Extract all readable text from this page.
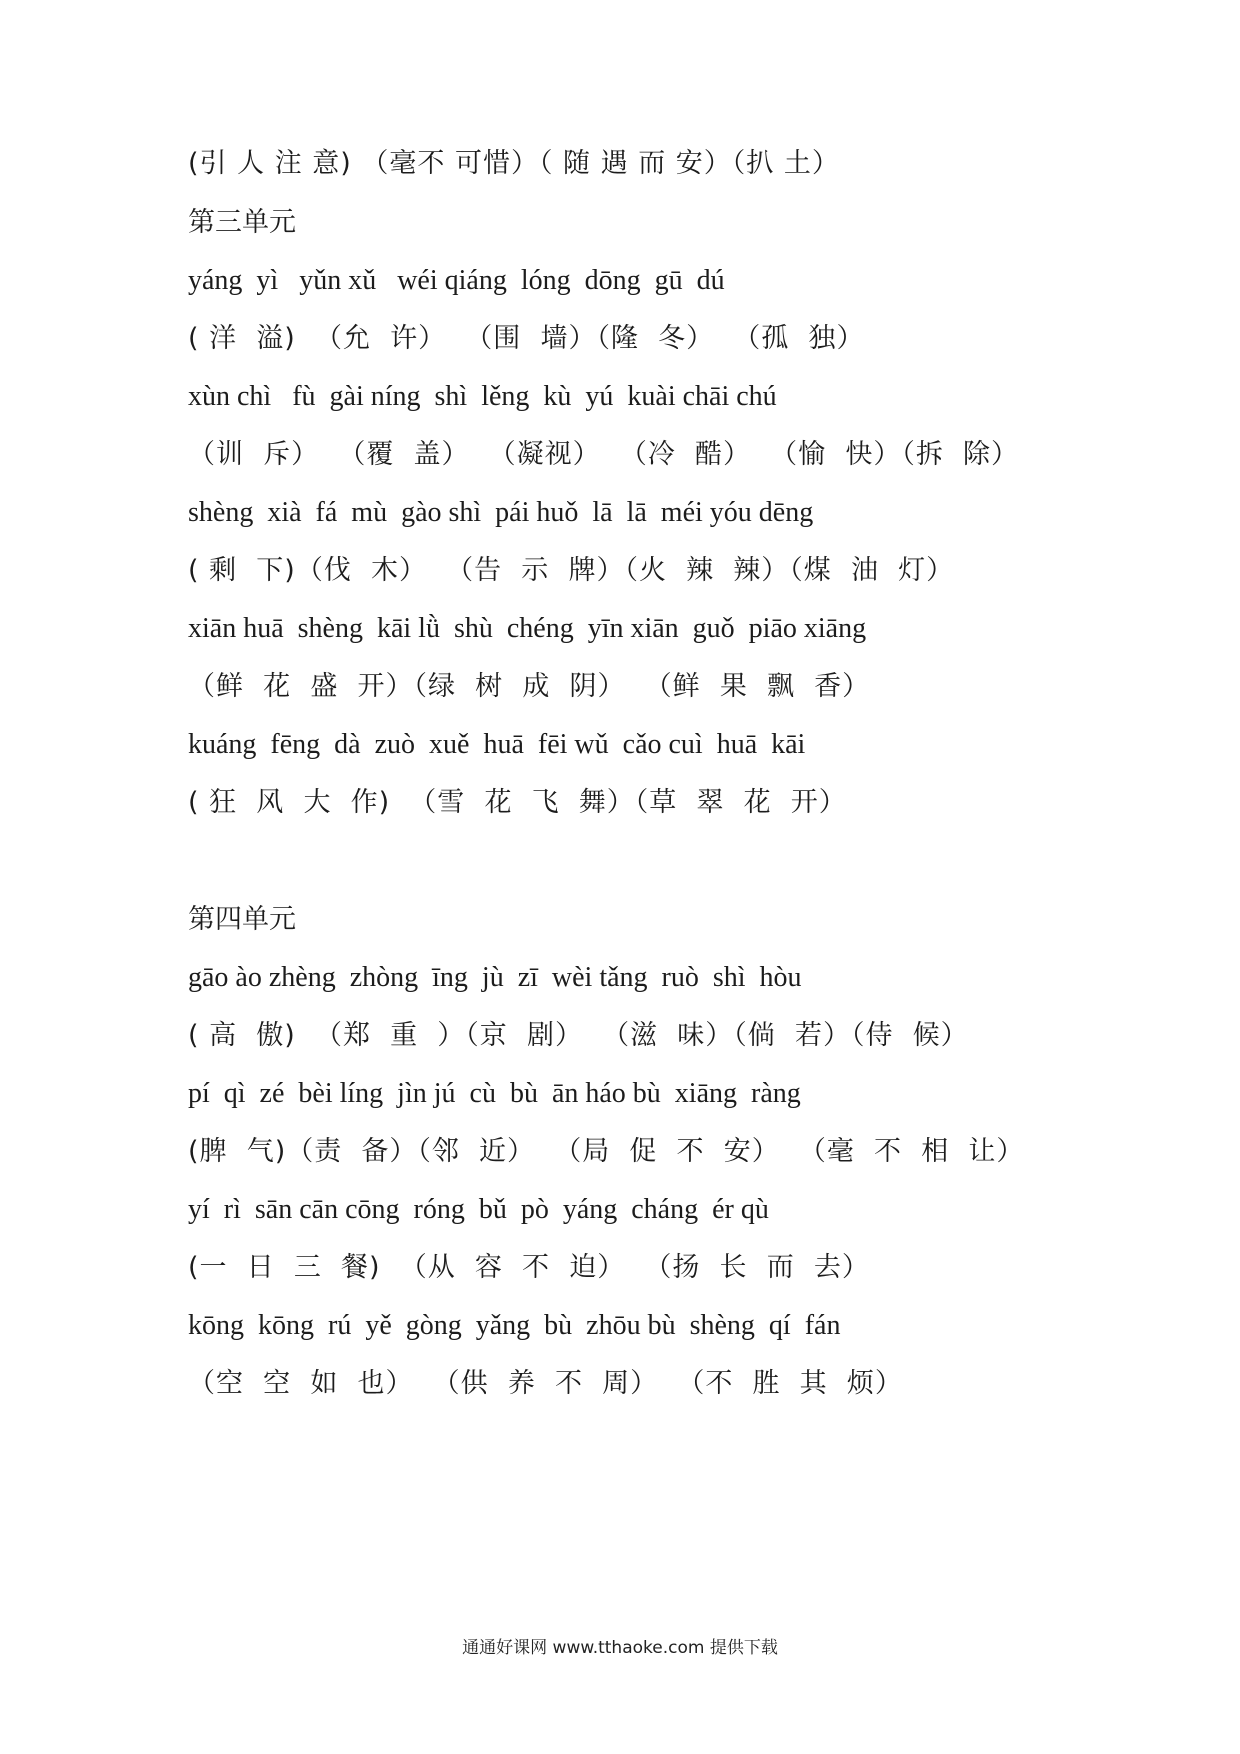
(引 人 注 意) （毫不 可惜）（ 随 遇 而 安）（扒 土）
第三单元
yáng  yì   yǔn xǔ   wéi qiáng  lóng  dōng  gū  dú
( 洋  溢)  （允  许）  （围  墙）（隆  冬）  （孤  独）
xùn chì   fù  gài níng  shì  lěng  kù  yú  kuài chāi chú
（训  斥）  （覆  盖）  （凝视）  （冷  酷）  （愉  快）（拆  除）
shèng  xià  fá  mù  gào shì  pái huǒ  lā  lā  méi yóu dēng
( 剩  下)（伐  木）  （告  示  牌）（火  辣  辣）（煤  油  灯）
xiān huā  shèng  kāi lǜ  shù  chéng  yīn xiān  guǒ  piāo xiāng
（鲜  花  盛  开）（绿  树  成  阴）  （鲜  果  飘  香）
kuáng  fēng  dà  zuò  xuě  huā  fēi wǔ  cǎo cuì  huā  kāi
( 狂  风  大  作)  （雪  花  飞  舞）（草  翠  花  开）
第四单元
gāo ào zhèng  zhòng  īng  jù  zī  wèi tǎng  ruò  shì  hòu
( 高  傲)  （郑  重  ）（京  剧）  （滋  味）（倘  若）（侍  候）
pí  qì  zé  bèi líng  jìn jú  cù  bù  ān háo bù  xiāng  ràng
(脾  气)（责  备）（邻  近）  （局  促  不  安）  （毫  不  相  让）
yí  rì  sān cān cōng  róng  bǔ  pò  yáng  cháng  ér qù
(一  日  三  餐)  （从  容  不  迫）  （扬  长  而  去）
kōng  kōng  rú  yě  gòng  yǎng  bù  zhōu bù  shèng  qí  fán
（空  空  如  也）  （供  养  不  周）  （不  胜  其  烦）
通通好课网 www.tthaoke.com 提供下载
